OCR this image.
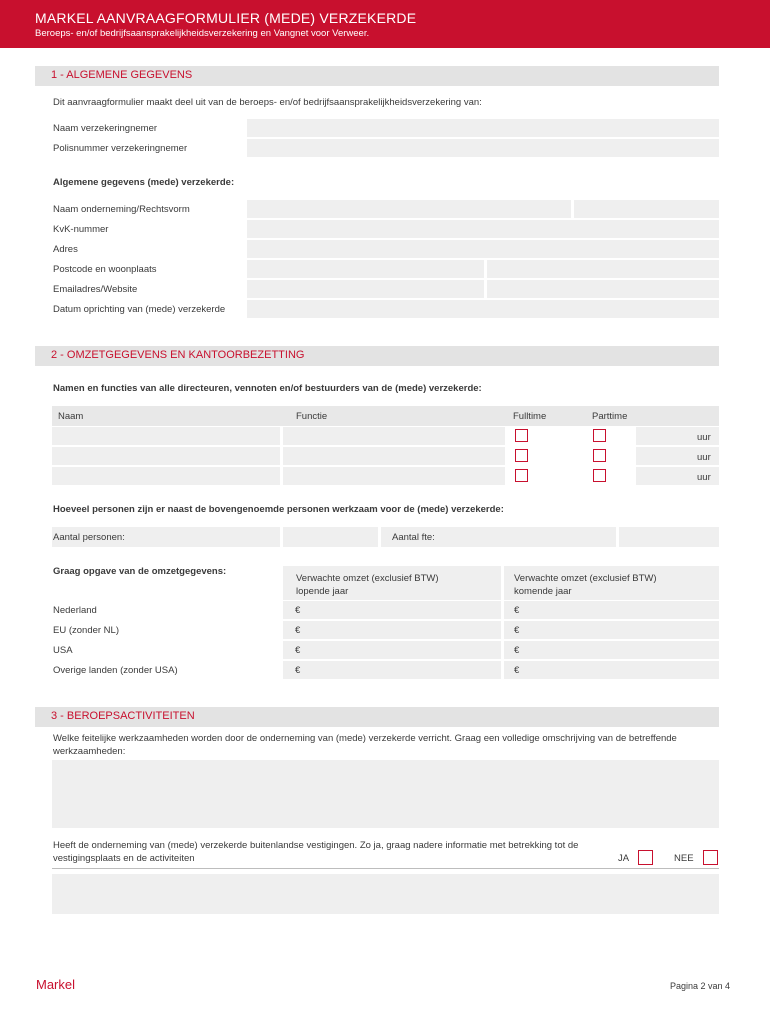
MARKEL AANVRAAGFORMULIER (MEDE) VERZEKERDE
Beroeps- en/of bedrijfsaansprakelijkheidsverzekering en Vangnet voor Verweer.
1 - ALGEMENE GEGEVENS
Dit aanvraagformulier maakt deel uit van de beroeps- en/of bedrijfsaansprakelijkheidsverzekering van:
Naam verzekeringnemer
Polisnummer verzekeringnemer
Algemene gegevens (mede) verzekerde:
Naam onderneming/Rechtsvorm
KvK-nummer
Adres
Postcode en woonplaats
Emailadres/Website
Datum oprichting van (mede) verzekerde
2 - OMZETGEGEVENS EN KANTOORBEZETTING
Namen en functies van alle directeuren, vennoten en/of bestuurders van de (mede) verzekerde:
Naam	Functie	Fulltime	Parttime
uur
uur
uur
Hoeveel personen zijn er naast de bovengenoemde personen werkzaam voor de (mede) verzekerde:
Aantal personen:	Aantal fte:
Graag opgave van de omzetgegevens:
Verwachte omzet (exclusief BTW)
lopende jaar
Verwachte omzet (exclusief BTW)
komende jaar
Nederland	€	€
EU (zonder NL)	€	€
USA	€	€
Overige landen (zonder USA)	€	€
3 - BEROEPSACTIVITEITEN
Welke feitelijke werkzaamheden worden door de onderneming van (mede) verzekerde verricht. Graag een volledige omschrijving van de betreffende werkzaamheden:
Heeft de onderneming van (mede) verzekerde buitenlandse vestigingen. Zo ja, graag nadere informatie met betrekking tot de vestigingsplaats en de activiteiten	JA	NEE
Markel	Pagina 2 van 4
